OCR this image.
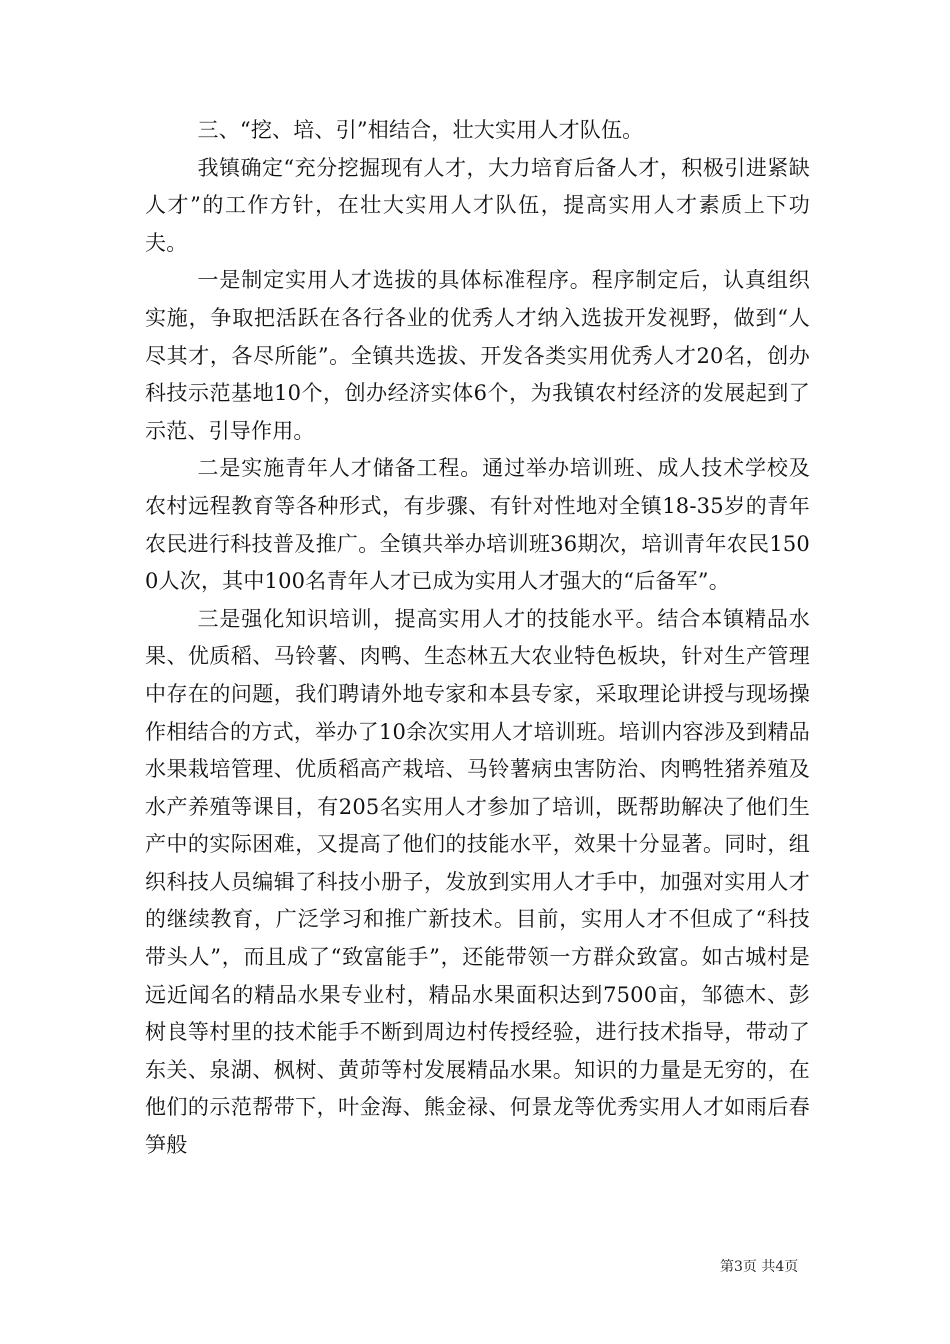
三、“挖、培、引”相结合，壮大实用人才队伍。

我镇确定“充分挖掘现有人才，大力培育后备人才，积极引进紧缺人才”的工作方针，在壮大实用人才队伍，提高实用人才素质上下功夫。

一是制定实用人才选拔的具体标准程序。程序制定后，认真组织实施，争取把活跃在各行各业的优秀人才纳入选拔开发视野，做到“人尽其才，各尽所能”。全镇共选拔、开发各类实用优秀人才20名，创办科技示范基地10个，创办经济实体6个，为我镇农村经济的发展起到了示范、引导作用。

二是实施青年人才储备工程。通过举办培训班、成人技术学校及农村远程教育等各种形式，有步骤、有针对性地对全镇18-35岁的青年农民进行科技普及推广。全镇共举办培训班36期次，培训青年农民1500人次，其中100名青年人才已成为实用人才强大的“后备军”。

三是强化知识培训，提高实用人才的技能水平。结合本镇精品水果、优质稻、马铃薯、肉鸭、生态林五大农业特色板块，针对生产管理中存在的问题，我们聘请外地专家和本县专家，采取理论讲授与现场操作相结合的方式，举办了10余次实用人才培训班。培训内容涉及到精品水果栽培管理、优质稻高产栽培、马铃薯病虫害防治、肉鸭牲猪养殖及水产养殖等课目，有205名实用人才参加了培训，既帮助解决了他们生产中的实际困难，又提高了他们的技能水平，效果十分显著。同时，组织科技人员编辑了科技小册子，发放到实用人才手中，加强对实用人才的继续教育，广泛学习和推广新技术。目前，实用人才不但成了“科技带头人”，而且成了“致富能手”，还能带领一方群众致富。如古城村是远近闻名的精品水果专业村，精品水果面积达到7500亩，邹德木、彭树良等村里的技术能手不断到周边村传授经验，进行技术指导，带动了东关、泉湖、枫树、黄茆等村发展精品水果。知识的力量是无穷的，在他们的示范帮带下，叶金海、熊金禄、何景龙等优秀实用人才如雨后春笋般

第3页 共4页
